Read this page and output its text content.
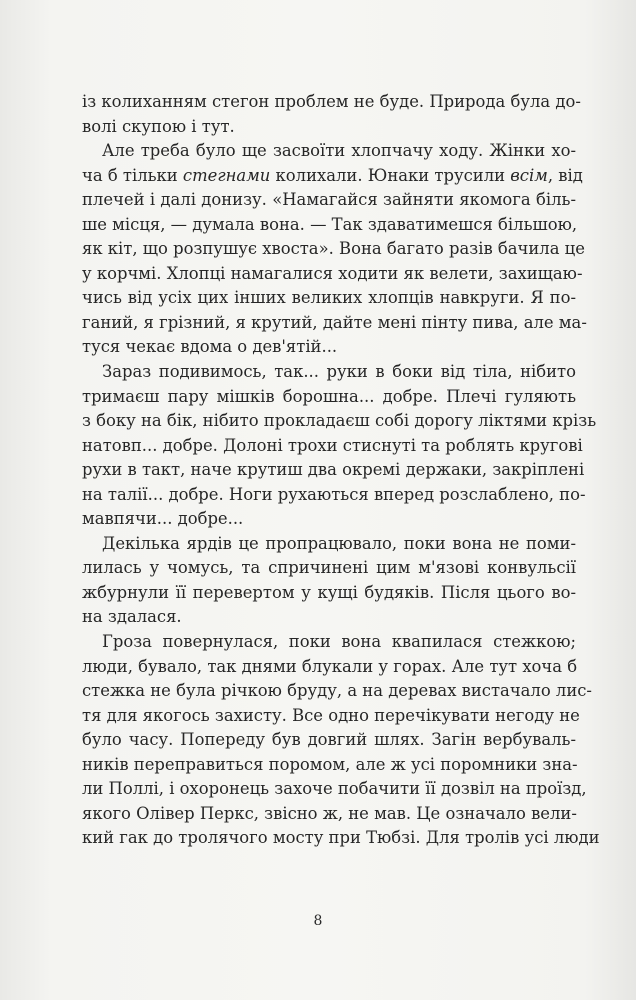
із колиханням стегон проблем не буде. Природа була до-
волі скупою і тут.
Але треба було ще засвоїти хлопчачу ходу. Жінки хо-
ча б тільки стегнами колихали. Юнаки трусили всім, від
плечей і далі донизу. «Намагайся зайняти якомога біль-
ше місця, — думала вона. — Так здаватимешся більшою,
як кіт, що розпушує хвоста». Вона багато разів бачила це
у корчмі. Хлопці намагалися ходити як велети, захищаю-
чись від усіх цих інших великих хлопців навкруги. Я по-
ганий, я грізний, я крутий, дайте мені пінту пива, але ма-
туся чекає вдома о дев'ятій...
Зараз подивимось, так... руки в боки від тіла, нібито
тримаєш пару мішків борошна... добре. Плечі гуляють
з боку на бік, нібито прокладаєш собі дорогу ліктями крізь
натовп... добре. Долоні трохи стиснуті та роблять кругові
рухи в такт, наче крутиш два окремі держаки, закріплені
на талії... добре. Ноги рухаються вперед розслаблено, по-
мавпячи... добре...
Декілька ярдів це пропрацювало, поки вона не поми-
лилась у чомусь, та спричинені цим м'язові конвульсії
жбурнули її перевертом у кущі будяків. Після цього во-
на здалася.
Гроза повернулася, поки вона квапилася стежкою;
люди, бувало, так днями блукали у горах. Але тут хоча б
стежка не була річкою бруду, а на деревах вистачало лис-
тя для якогось захисту. Все одно перечікувати негоду не
було часу. Попереду був довгий шлях. Загін вербуваль-
ників переправиться поромом, але ж усі поромники зна-
ли Поллі, і охоронець захоче побачити її дозвіл на проїзд,
якого Олівер Перкс, звісно ж, не мав. Це означало вели-
кий гак до тролячого мосту при Тюбзі. Для тролів усі люди
8
